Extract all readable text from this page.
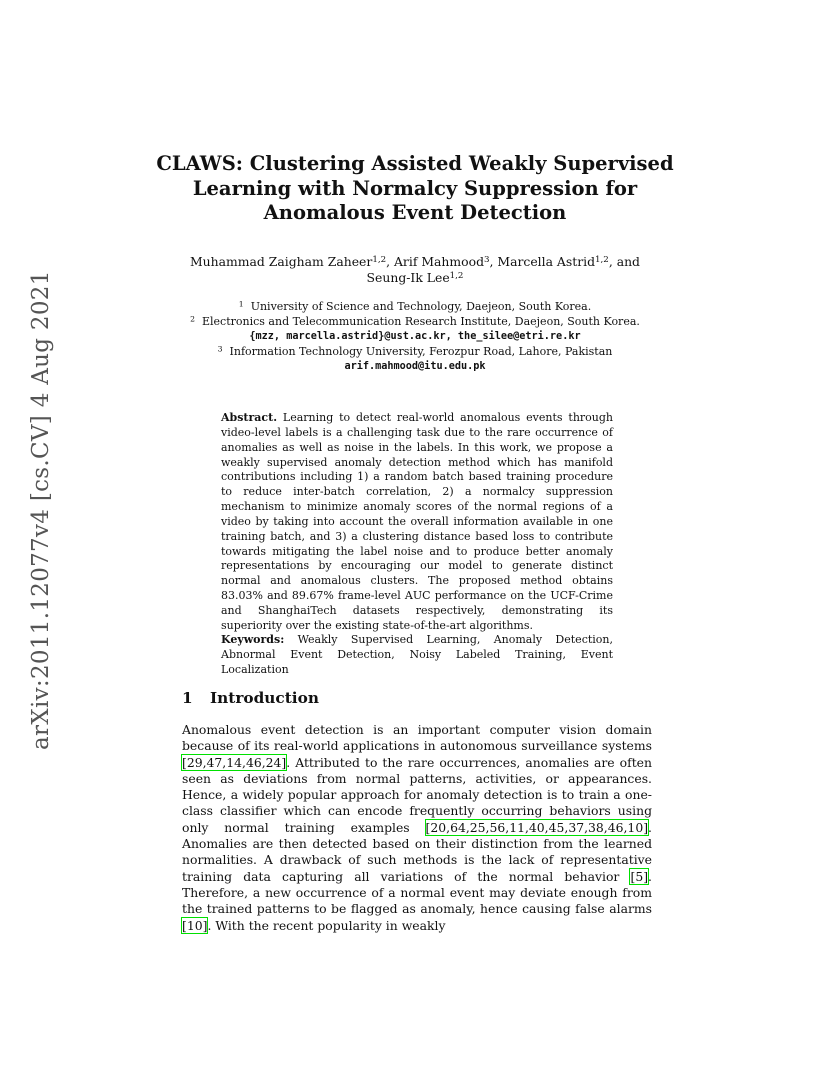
arXiv:2011.12077v4 [cs.CV] 4 Aug 2021
CLAWS: Clustering Assisted Weakly Supervised
Learning with Normalcy Suppression for
Anomalous Event Detection
Muhammad Zaigham Zaheer$^{1,2}$, Arif Mahmood$^3$, Marcella Astrid$^{1,2}$, and
Seung-Ik Lee$^{1,2}$
$^1$ University of Science and Technology, Daejeon, South Korea.
$^2$ Electronics and Telecommunication Research Institute, Daejeon, South Korea.
{mzz, marcella.astrid}@ust.ac.kr, the_silee@etri.re.kr
$^3$ Information Technology University, Ferozpur Road, Lahore, Pakistan
arif.mahmood@itu.edu.pk
Abstract. Learning to detect real-world anomalous events through video-level labels is a challenging task due to the rare occurrence of anomalies as well as noise in the labels. In this work, we propose a weakly supervised anomaly detection method which has manifold contributions including 1) a random batch based training procedure to reduce inter-batch correlation, 2) a normalcy suppression mechanism to minimize anomaly scores of the normal regions of a video by taking into account the overall information available in one training batch, and 3) a clustering distance based loss to contribute towards mitigating the label noise and to produce better anomaly representations by encouraging our model to generate distinct normal and anomalous clusters. The proposed method obtains 83.03% and 89.67% frame-level AUC performance on the UCF-Crime and ShanghaiTech datasets respectively, demonstrating its superiority over the existing state-of-the-art algorithms.
Keywords: Weakly Supervised Learning, Anomaly Detection, Abnormal Event Detection, Noisy Labeled Training, Event Localization
1 Introduction
Anomalous event detection is an important computer vision domain because of its real-world applications in autonomous surveillance systems [29,47,14,46,24]. Attributed to the rare occurrences, anomalies are often seen as deviations from normal patterns, activities, or appearances. Hence, a widely popular approach for anomaly detection is to train a one-class classifier which can encode frequently occurring behaviors using only normal training examples [20,64,25,56,11,40,45,37,38,46,10]. Anomalies are then detected based on their distinction from the learned normalities. A drawback of such methods is the lack of representative training data capturing all variations of the normal behavior [5]. Therefore, a new occurrence of a normal event may deviate enough from the trained patterns to be flagged as anomaly, hence causing false alarms [10]. With the recent popularity in weakly
